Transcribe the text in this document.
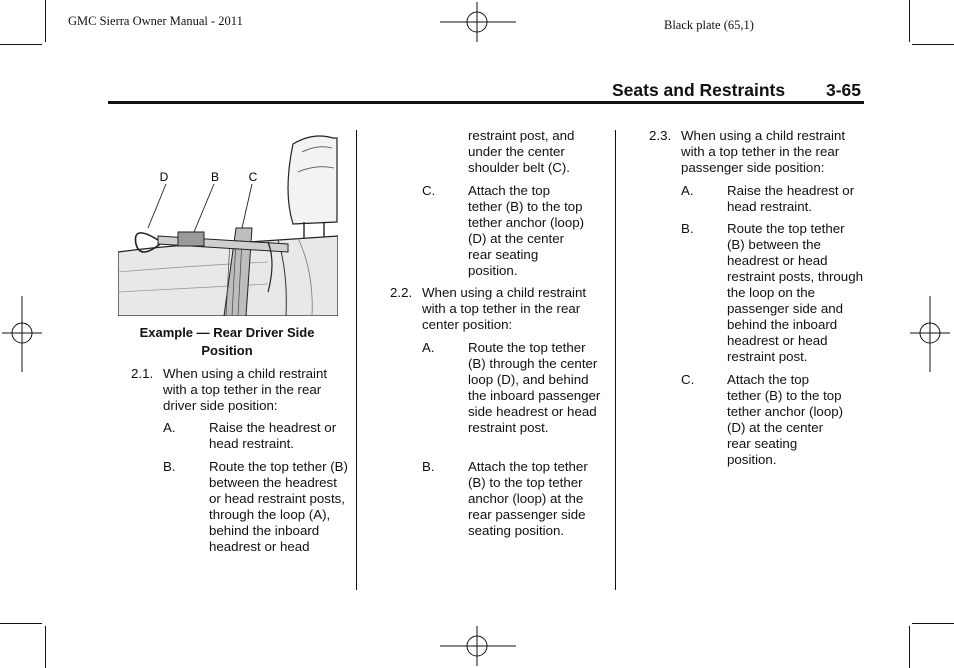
GMC Sierra Owner Manual - 2011	Black plate (65,1)
Seats and Restraints 3-65
D	B C
Example — Rear Driver Side Position
2.1. When using a child restraint with a top tether in the rear driver side position:
A.	Raise the headrest or head restraint.
B.	Route the top tether (B) between the headrest or head restraint posts, through the loop (A), behind the inboard headrest or head
restraint post, and under the center shoulder belt (C).
C. Attach the top tether (B) to the top tether anchor (loop) (D) at the center rear seating position.
2.2. When using a child restraint with a top tether in the rear center position:
A.	Route the top tether (B) through the center loop (D), and behind the inboard passenger side headrest or head restraint post.
B.	Attach the top tether (B) to the top tether anchor (loop) at the rear passenger side seating position.
2.3. When using a child restraint with a top tether in the rear passenger side position:
A.	Raise the headrest or head restraint.
B.	Route the top tether (B) between the headrest or head restraint posts, through the loop on the passenger side and behind the inboard headrest or head restraint post.
C. Attach the top tether (B) to the top tether anchor (loop) (D) at the center rear seating position.
